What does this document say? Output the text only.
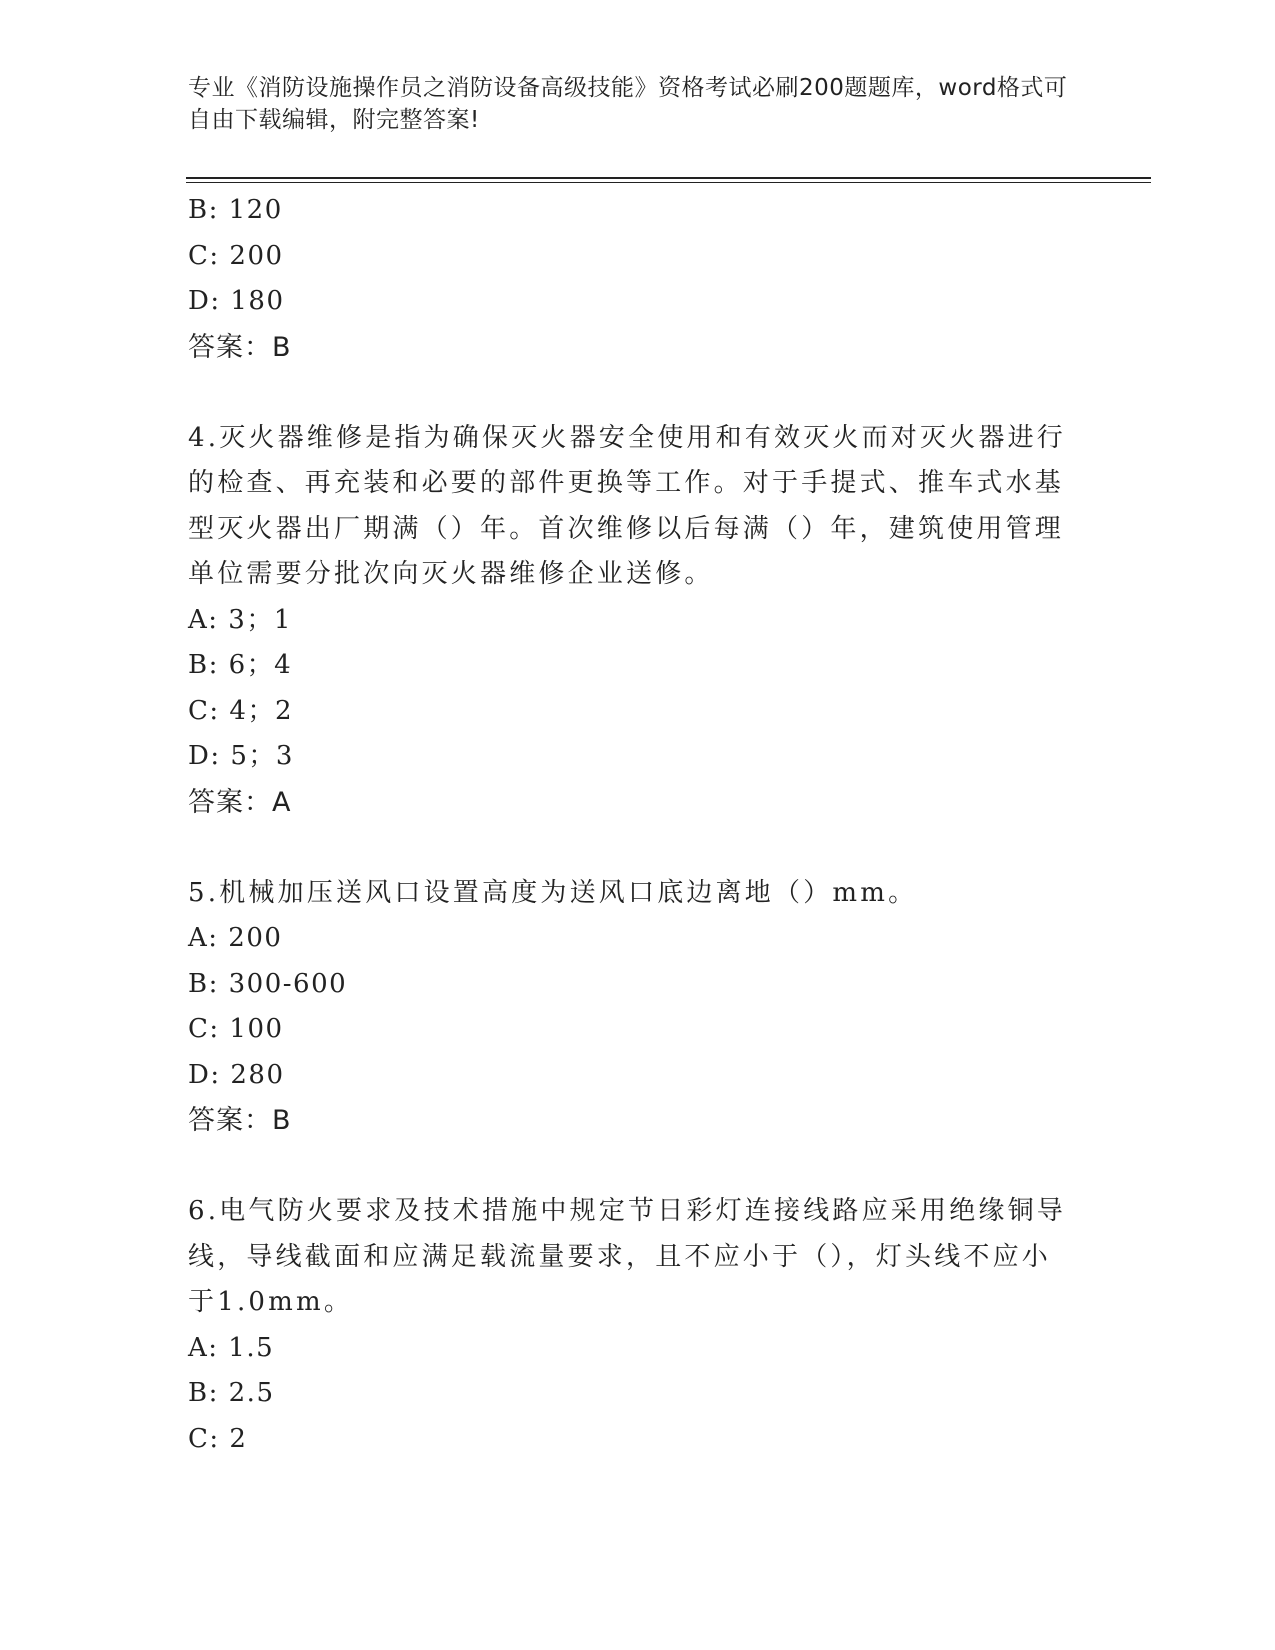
专业《消防设施操作员之消防设备高级技能》资格考试必刷200题题库，word格式可自由下载编辑，附完整答案!
B: 120
C: 200
D: 180
答案：B
4.灭火器维修是指为确保灭火器安全使用和有效灭火而对灭火器进行的检查、再充装和必要的部件更换等工作。对于手提式、推车式水基型灭火器出厂期满（）年。首次维修以后每满（）年，建筑使用管理单位需要分批次向灭火器维修企业送修。
A: 3；1
B: 6；4
C: 4；2
D: 5；3
答案：A
5.机械加压送风口设置高度为送风口底边离地（）mm。
A: 200
B: 300-600
C: 100
D: 280
答案：B
6.电气防火要求及技术措施中规定节日彩灯连接线路应采用绝缘铜导线，导线截面和应满足载流量要求，且不应小于（），灯头线不应小于1.0mm。
A: 1.5
B: 2.5
C: 2
